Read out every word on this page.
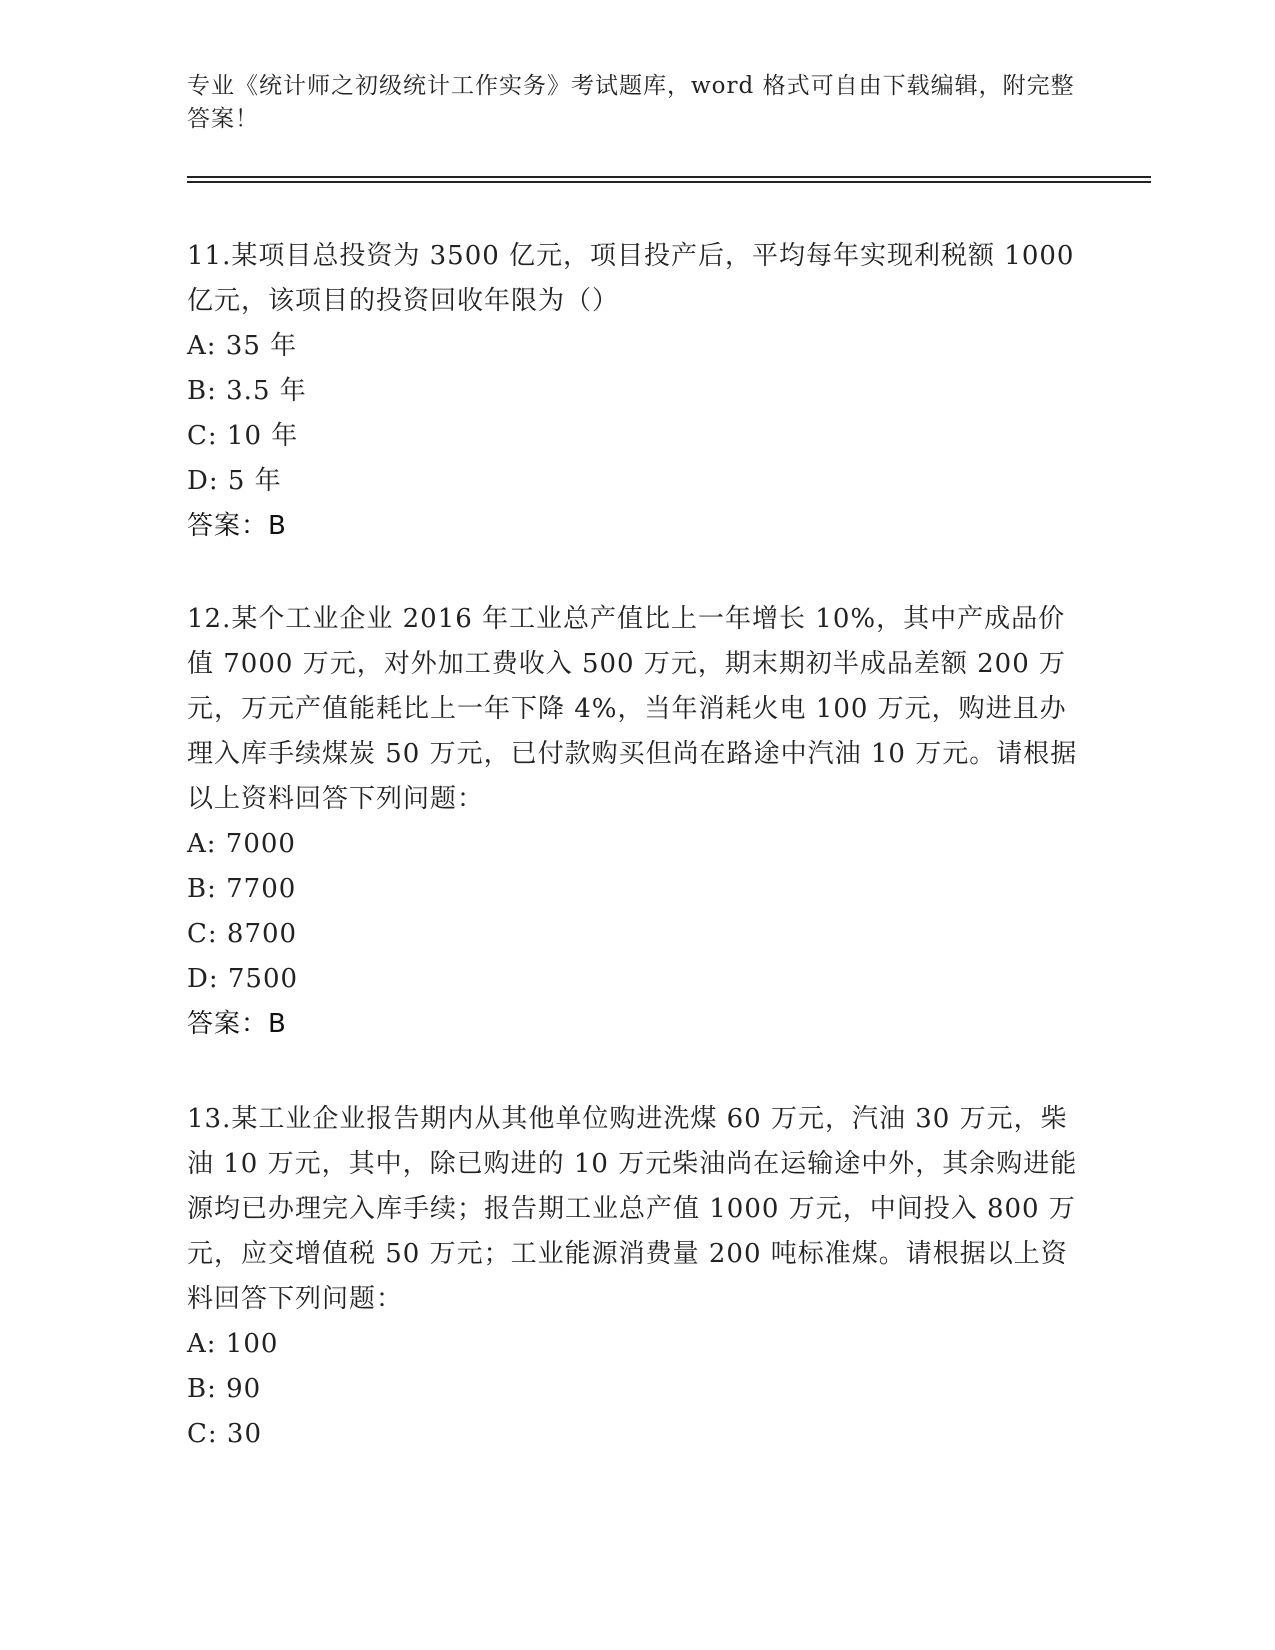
专业《统计师之初级统计工作实务》考试题库，word 格式可自由下载编辑，附完整答案！
11.某项目总投资为 3500 亿元，项目投产后，平均每年实现利税额 1000 亿元，该项目的投资回收年限为（）
A: 35 年
B: 3.5 年
C: 10 年
D: 5 年
答案：B
12.某个工业企业 2016 年工业总产值比上一年增长 10%，其中产成品价值 7000 万元，对外加工费收入 500 万元，期末期初半成品差额 200 万元，万元产值能耗比上一年下降 4%，当年消耗火电 100 万元，购进且办理入库手续煤炭 50 万元，已付款购买但尚在路途中汽油 10 万元。请根据以上资料回答下列问题：
A: 7000
B: 7700
C: 8700
D: 7500
答案：B
13.某工业企业报告期内从其他单位购进洗煤 60 万元，汽油 30 万元，柴油 10 万元，其中，除已购进的 10 万元柴油尚在运输途中外，其余购进能源均已办理完入库手续；报告期工业总产值 1000 万元，中间投入 800 万元，应交增值税 50 万元；工业能源消费量 200 吨标准煤。请根据以上资料回答下列问题：
A: 100
B: 90
C: 30
